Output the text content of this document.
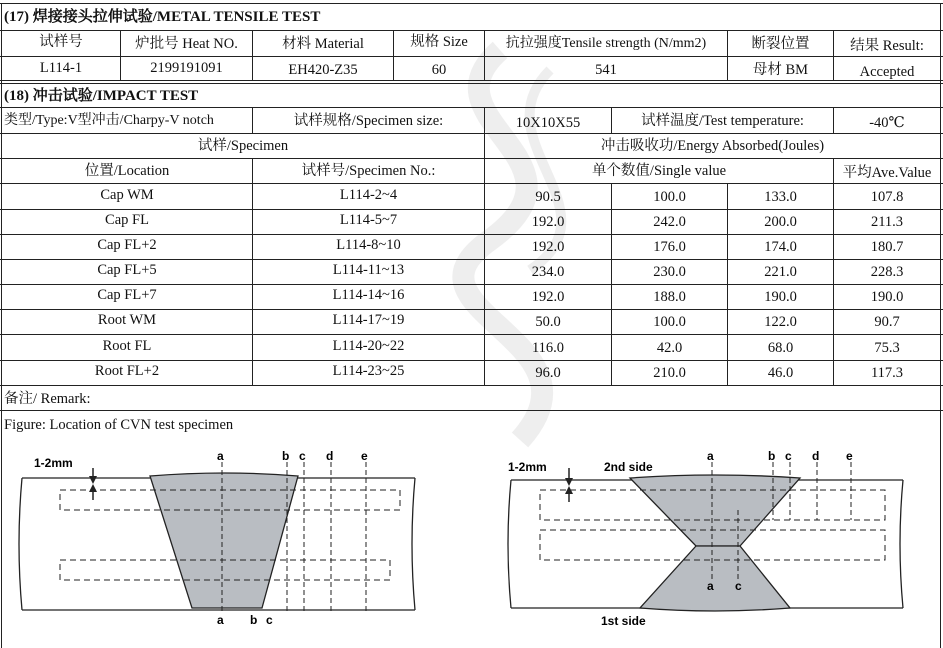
(17) 焊接接头拉伸试验/METAL TENSILE TEST
试样号	炉批号 Heat NO.	材料 Material	规格 Size	抗拉强度Tensile strength (N/mm2)	断裂位置	结果 Result:
L114-1	2199191091	EH420-Z35	60	541	母材 BM	Accepted
(18) 冲击试验/IMPACT TEST
类型/Type:V型冲击/Charpy-V notch	试样规格/Specimen size:	10X10X55	试样温度/Test temperature:	-40℃
试样/Specimen	冲击吸收功/Energy Absorbed(Joules)
位置/Location	试样号/Specimen No.:	单个数值/Single value	平均Ave.Value
Cap WM	L114-2~4	90.5	100.0	133.0	107.8
Cap FL	L114-5~7	192.0	242.0	200.0	211.3
Cap FL+2	L114-8~10	192.0	176.0	174.0	180.7
Cap FL+5	L114-11~13	234.0	230.0	221.0	228.3
Cap FL+7	L114-14~16	192.0	188.0	190.0	190.0
Root WM	L114-17~19	50.0	100.0	122.0	90.7
Root FL	L114-20~22	116.0	42.0	68.0	75.3
Root FL+2	L114-23~25	96.0	210.0	46.0	117.3
备注/ Remark:
Figure: Location of CVN test specimen
1-2mm	a	b c d e
a b c
1-2mm	2nd side
1st side
a	b c d e
a c
